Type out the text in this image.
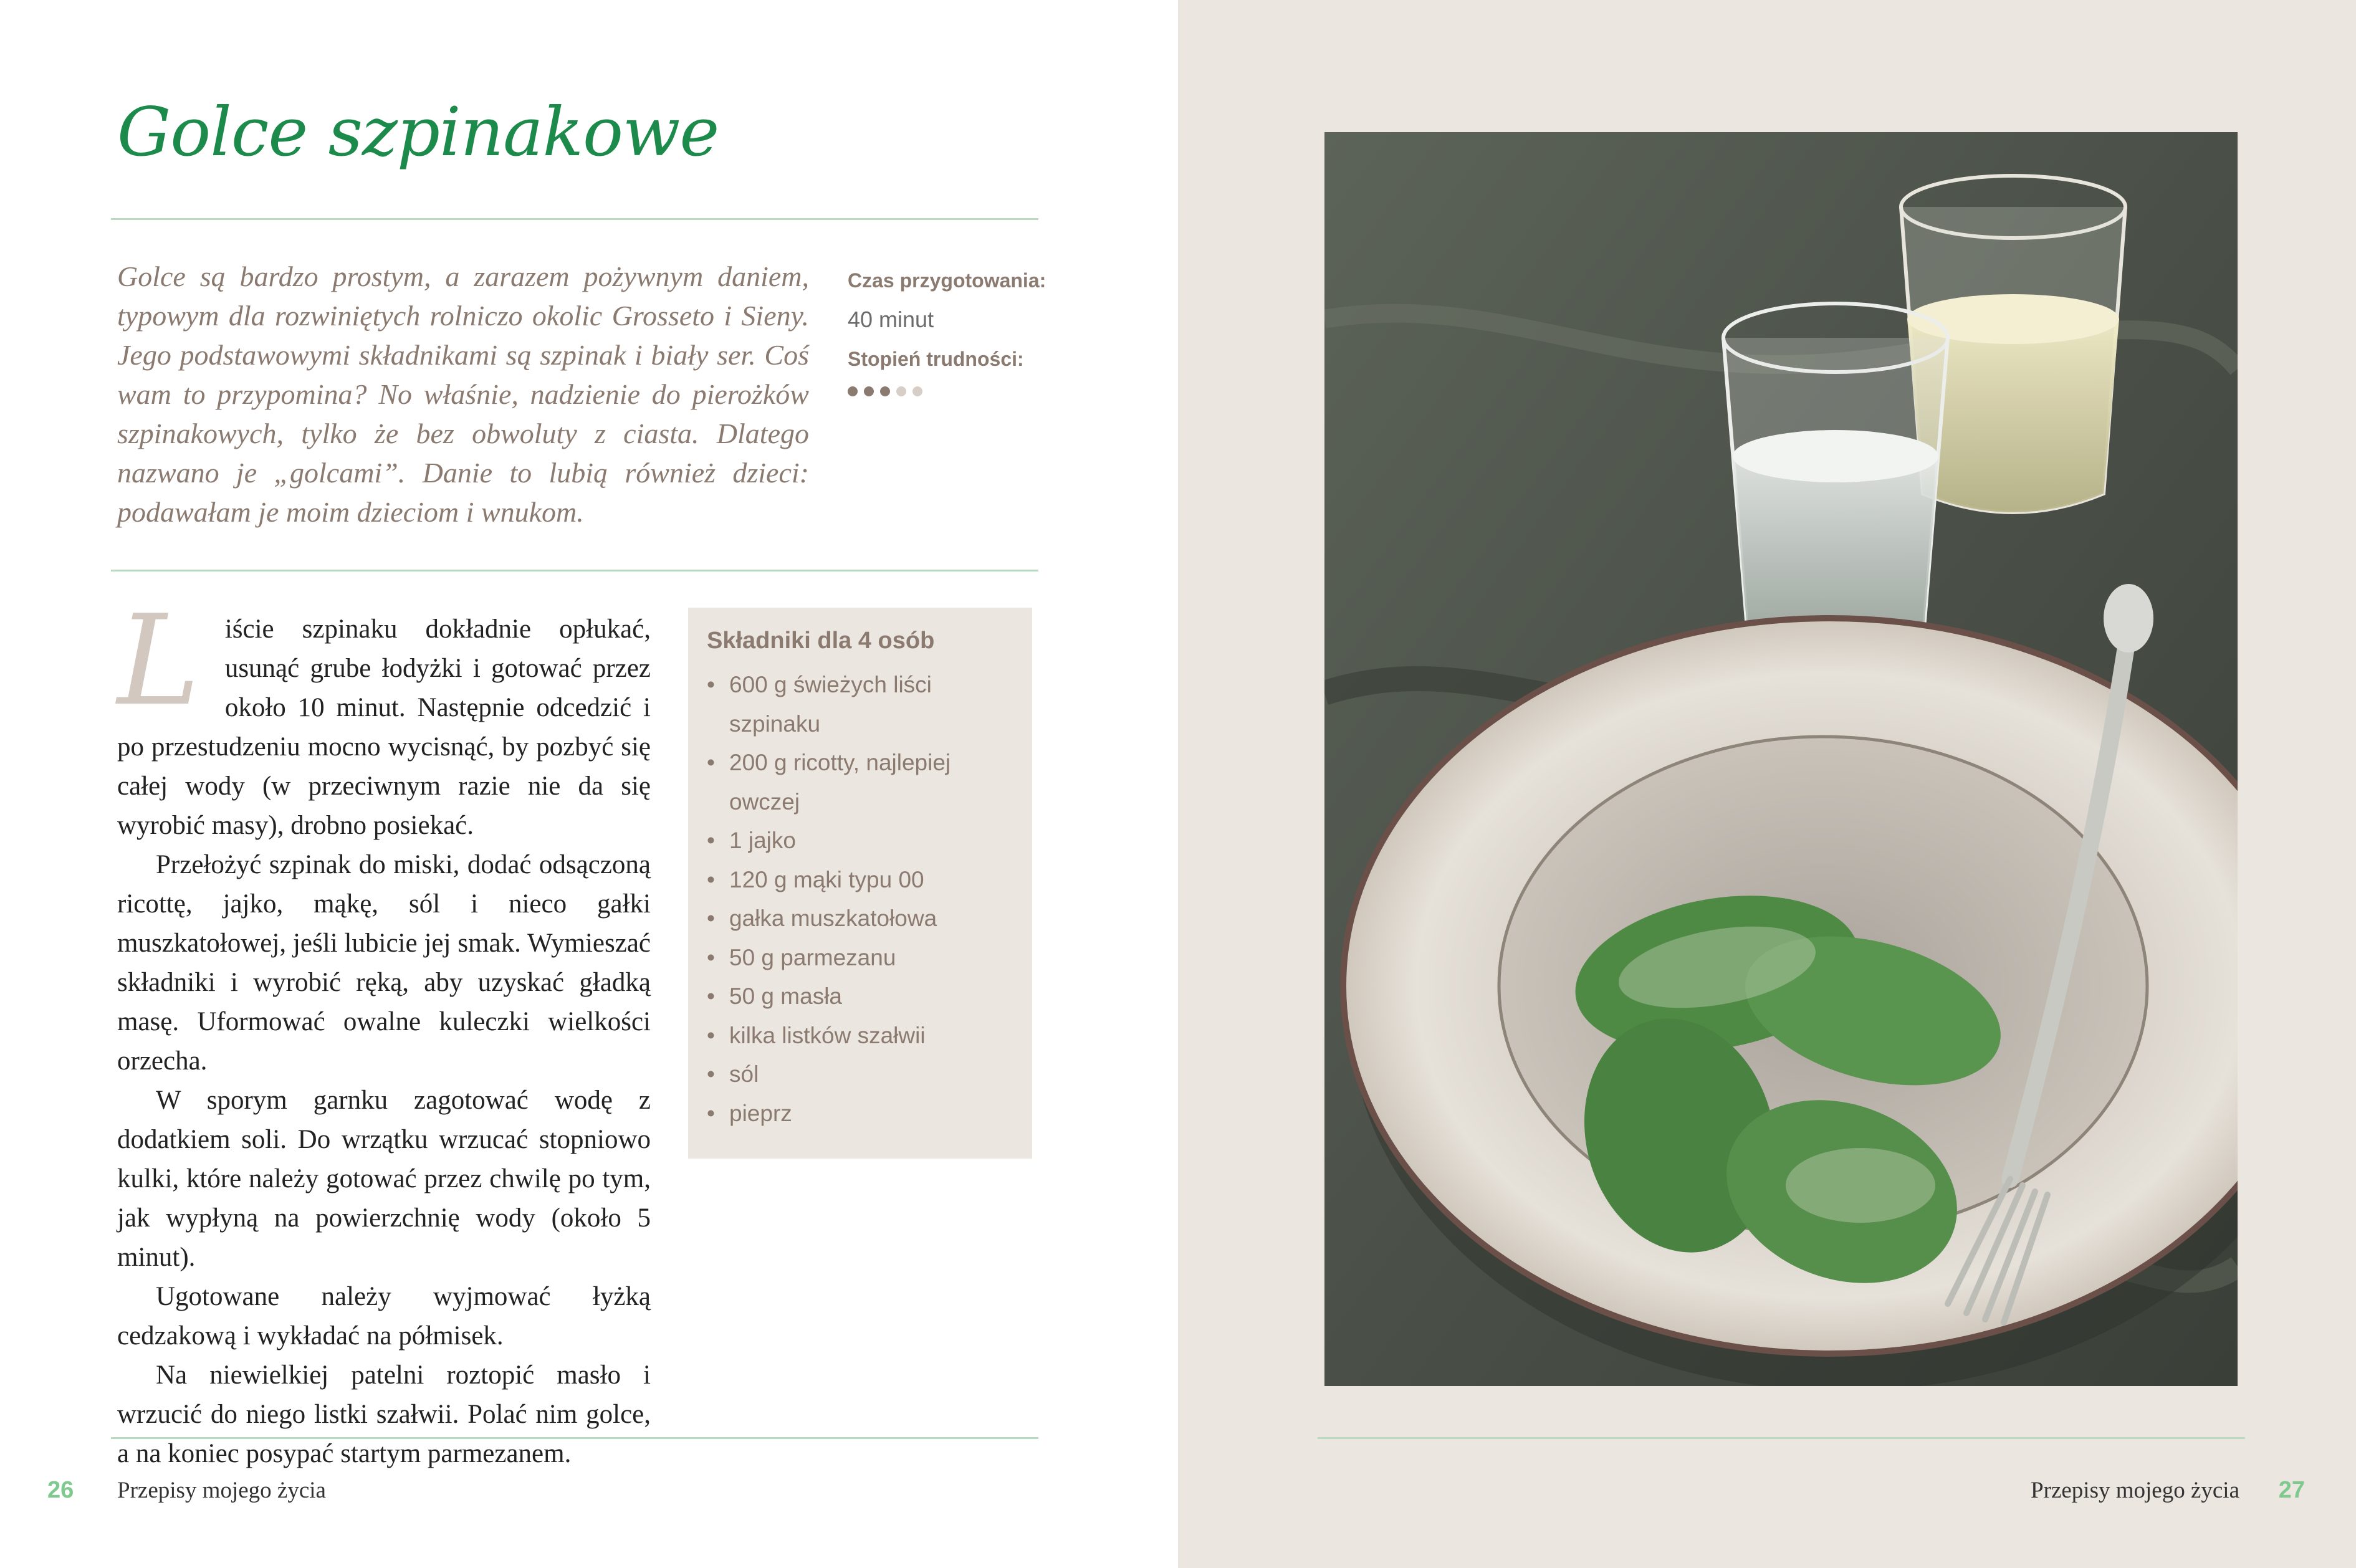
Golce szpinakowe
Golce są bardzo prostym, a zarazem pożywnym daniem, typowym dla rozwiniętych rolniczo okolic Grosseto i Sieny. Jego podstawowymi składnikami są szpinak i biały ser. Coś wam to przypomina? No właśnie, nadzienie do pierożków szpinakowych, tylko że bez obwoluty z ciasta. Dlatego nazwano je „golcami”. Danie to lubią również dzieci: podawałam je moim dzieciom i wnukom.
Czas przygotowania:
40 minut
Stopień trudności:

Liście szpinaku dokładnie opłukać, usunąć grube łodyżki i gotować przez około 10 minut. Następnie odcedzić i po przestudzeniu mocno wycisnąć, by pozbyć się całej wody (w przeciwnym razie nie da się wyrobić masy), drobno posiekać.

Przełożyć szpinak do miski, dodać odsączoną ricottę, jajko, mąkę, sól i nieco gałki muszkatołowej, jeśli lubicie jej smak. Wymieszać składniki i wyrobić ręką, aby uzyskać gładką masę. Uformować owalne kuleczki wielkości orzecha.

W sporym garnku zagotować wodę z dodatkiem soli. Do wrzątku wrzucać stopniowo kulki, które należy gotować przez chwilę po tym, jak wypłyną na powierzchnię wody (około 5 minut).

Ugotowane należy wyjmować łyżką cedzakową i wykładać na półmisek.

Na niewielkiej patelni roztopić masło i wrzucić do niego listki szałwii. Polać nim golce, a na koniec posypać startym parmezanem.

Składniki dla 4 osób
• 600 g świeżych liści szpinaku
• 200 g ricotty, najlepiej owczej
• 1 jajko
• 120 g mąki typu 00
• gałka muszkatołowa
• 50 g parmezanu
• 50 g masła
• kilka listków szałwii
• sól
• pieprz
26 Przepisy mojego życia	Przepisy mojego życia 27
